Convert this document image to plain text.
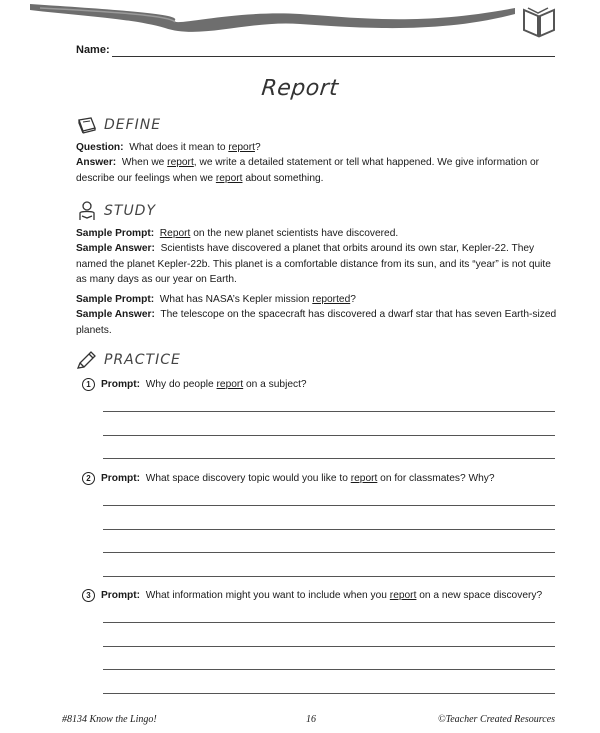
Name:
Report
DEFINE
Question: What does it mean to report?
Answer: When we report, we write a detailed statement or tell what happened. We give information or describe our feelings when we report about something.
STUDY
Sample Prompt: Report on the new planet scientists have discovered.
Sample Answer: Scientists have discovered a planet that orbits around its own star, Kepler-22. They named the planet Kepler-22b. This planet is a comfortable distance from its sun, and its “year” is not quite as many days as our year on Earth.
Sample Prompt: What has NASA’s Kepler mission reported?
Sample Answer: The telescope on the spacecraft has discovered a dwarf star that has seven Earth-sized planets.
PRACTICE
1	Prompt: Why do people report on a subject?
2	Prompt: What space discovery topic would you like to report on for classmates? Why?
3	Prompt: What information might you want to include when you report on a new space discovery?
#8134 Know the Lingo!	16	©Teacher Created Resources
